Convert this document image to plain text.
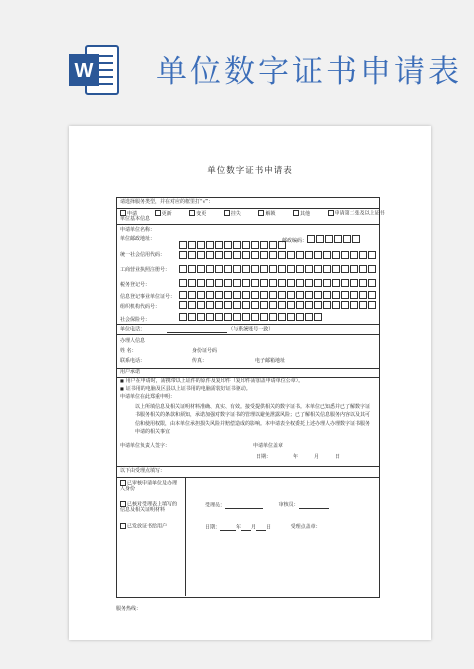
W 单位数字证书申请表
单位数字证书申请表
请选择服务类型，并在对应的框里打“√”：
申请	更新	变更	挂失	解锁	其他	申请第二张及以上证书
单位基本信息
申请单位名称：
单位邮政地址：	邮政编码：
统一社会信用代码：
工商营业执照注册号：
税务登记号：
信息登记事业单位证号：
组织机构代码号：
社会保险号：
单位电话：	（与系统账号一致）
办理人信息
姓 名：	身份证号码
联系电话：	传真：	电子邮箱地址
用户承诺
■ 用户在申请时，需携带以上证件的原件及复印件（复印件需加盖申请单位公章）。
■ 证书用的电脑及区县以上证书用的电脑需装好证书驱动。
申请单位在此郑重申明：
以上所填信息及相关证明材料准确、真实、有效。接受提供相关的数字证书。本单位已知悉并已了解数字证书服务相关的条款和须知，承诺加强对数字证书的管理以避免泄露风险；已了解相关信息服务内容以及其可信和使用权限，由本单位承担损失风险并赔偿造成的影响。本申请表全权委托上述办理人办理数字证书服务申请的相关事宜
申请单位负责人签字：	申请单位盖章
日期：	年	月	日
以下由受理点填写：
已审核申请单位及办理人身份
已核对受理表上填写的信息及相关证明材料
已发放证书给用户
受理员：	审核员：
日期：	年 月 日	受理点盖章：
服务热线：
